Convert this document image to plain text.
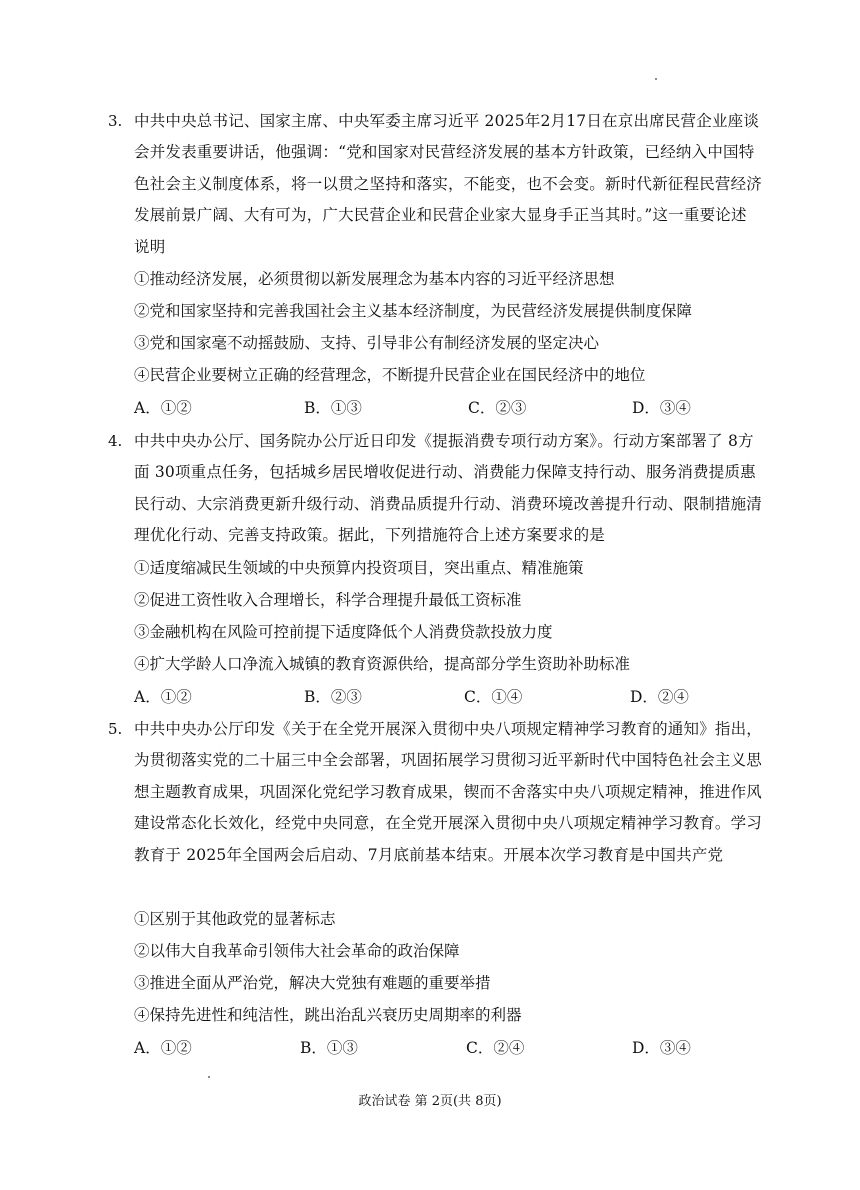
3. 中共中央总书记、国家主席、中央军委主席习近平 2025年2月17日在京出席民营企业座谈会并发表重要讲话，他强调：“党和国家对民营经济发展的基本方针政策，已经纳入中国特色社会主义制度体系，将一以贯之坚持和落实，不能变，也不会变。新时代新征程民营经济发展前景广阔、大有可为，广大民营企业和民营企业家大显身手正当其时。”这一重要论述说明
①推动经济发展，必须贯彻以新发展理念为基本内容的习近平经济思想
②党和国家坚持和完善我国社会主义基本经济制度，为民营经济发展提供制度保障
③党和国家毫不动摇鼓励、支持、引导非公有制经济发展的坚定决心
④民营企业要树立正确的经营理念，不断提升民营企业在国民经济中的地位
A．①②	B．①③	C．②③	D．③④
4. 中共中央办公厅、国务院办公厅近日印发《提振消费专项行动方案》。行动方案部署了 8方面 30项重点任务，包括城乡居民增收促进行动、消费能力保障支持行动、服务消费提质惠民行动、大宗消费更新升级行动、消费品质提升行动、消费环境改善提升行动、限制措施清理优化行动、完善支持政策。据此，下列措施符合上述方案要求的是
①适度缩减民生领域的中央预算内投资项目，突出重点、精准施策
②促进工资性收入合理增长，科学合理提升最低工资标准
③金融机构在风险可控前提下适度降低个人消费贷款投放力度
④扩大学龄人口净流入城镇的教育资源供给，提高部分学生资助补助标准
A．①②	B．②③	C．①④	D．②④
5. 中共中央办公厅印发《关于在全党开展深入贯彻中央八项规定精神学习教育的通知》指出，为贯彻落实党的二十届三中全会部署，巩固拓展学习贯彻习近平新时代中国特色社会主义思想主题教育成果，巩固深化党纪学习教育成果，锲而不舍落实中央八项规定精神，推进作风建设常态化长效化，经党中央同意，在全党开展深入贯彻中央八项规定精神学习教育。学习教育于 2025年全国两会后启动、7月底前基本结束。开展本次学习教育是中国共产党
①区别于其他政党的显著标志
②以伟大自我革命引领伟大社会革命的政治保障
③推进全面从严治党，解决大党独有难题的重要举措
④保持先进性和纯洁性，跳出治乱兴衰历史周期率的利器
A．①②	B．①③	C．②④	D．③④
政治试卷 第 2页(共 8页)
